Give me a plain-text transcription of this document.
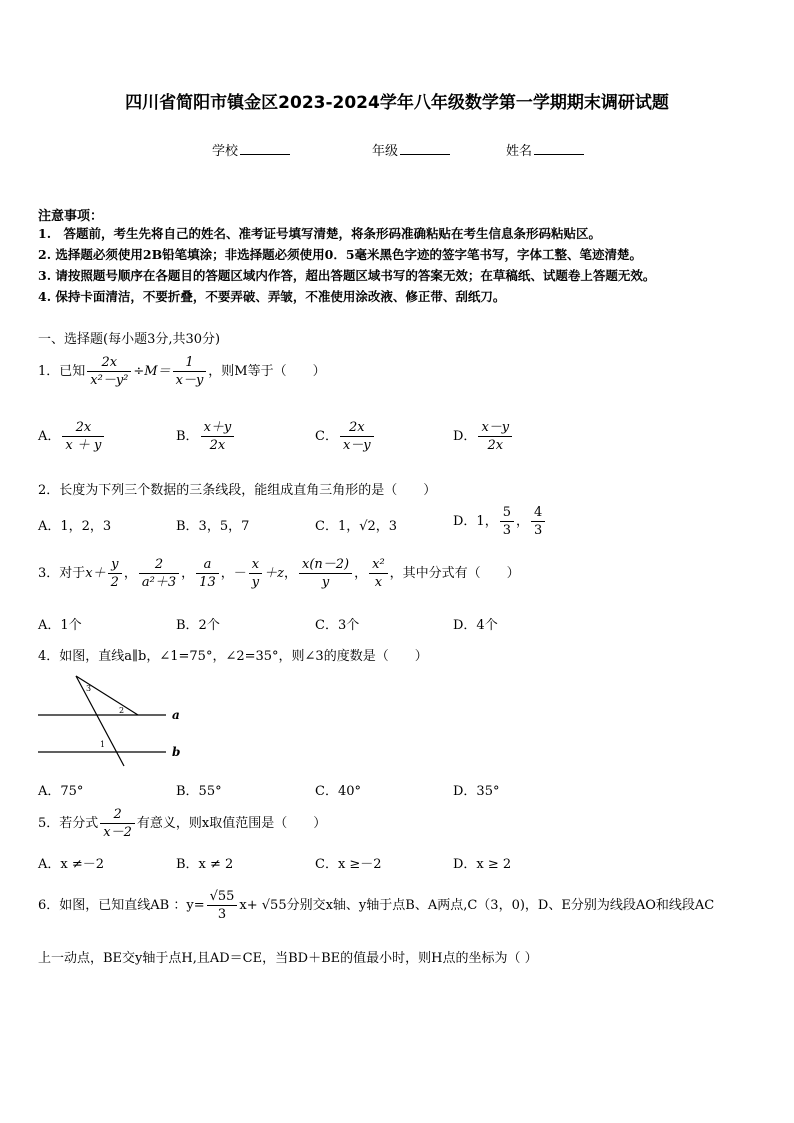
四川省简阳市镇金区2023-2024学年八年级数学第一学期期末调研试题
学校	年级	姓名
注意事项：
1.　答题前，考生先将自己的姓名、准考证号填写清楚，将条形码准确粘贴在考生信息条形码粘贴区。
2. 选择题必须使用2B铅笔填涂；非选择题必须使用0．5毫米黑色字迹的签字笔书写，字体工整、笔迹清楚。
3. 请按照题号顺序在各题目的答题区域内作答，超出答题区域书写的答案无效；在草稿纸、试题卷上答题无效。
4. 保持卡面清洁，不要折叠，不要弄破、弄皱，不准使用涂改液、修正带、刮纸刀。
一、选择题(每小题3分,共30分)
1．已知 $\frac{2x}{\text{x²－y²}} \div M= \frac{1}{x-y}$ ，则M等于（　　）
A． $\frac{2x}{x + y}$	B． $\frac{x+y}{2x}$	C． $\frac{2x}{x-y}$	D． $\frac{x-y}{2x}$
2．长度为下列三个数据的三条线段，能组成直角三角形的是（　　）
A．1，2，3	B．3，5，7	C．1，√2，3	D．1， $\frac{5}{3}$ ， $\frac{4}{3}$
3．对于$x+ \frac{y}{2}$ ， $\frac{2}{\text{a²＋3}}$ ， $\frac{a}{13}$ ，－ $\frac{x}{y} +z$， $\frac{x(n-2)}{y}$ ， $\frac{\text{x²}}{x}$ ，其中分式有（　　）
A．1个	B．2个	C．3个	D．4个
4．如图，直线a∥b，∠1=75°，∠2=35°，则∠3的度数是（　　）
a
b
3
2
1
A．75°	B．55°	C．40°	D．35°
5．若分式 $\frac{2}{x-2}$ 有意义，则x取值范围是（　　）
A．x ≠－2	B．x ≠ 2	C．x ≥－2	D．x ≥ 2
6．如图，已知直线AB ：$y= \frac{√55}{3} x+ √55$分别交x轴、y轴于点B、A两点,C（3，0)，D、E分别为线段AO和线段AC
上一动点，BE交y轴于点H,且AD＝CE，当BD＋BE的值最小时，则H点的坐标为（ ）
